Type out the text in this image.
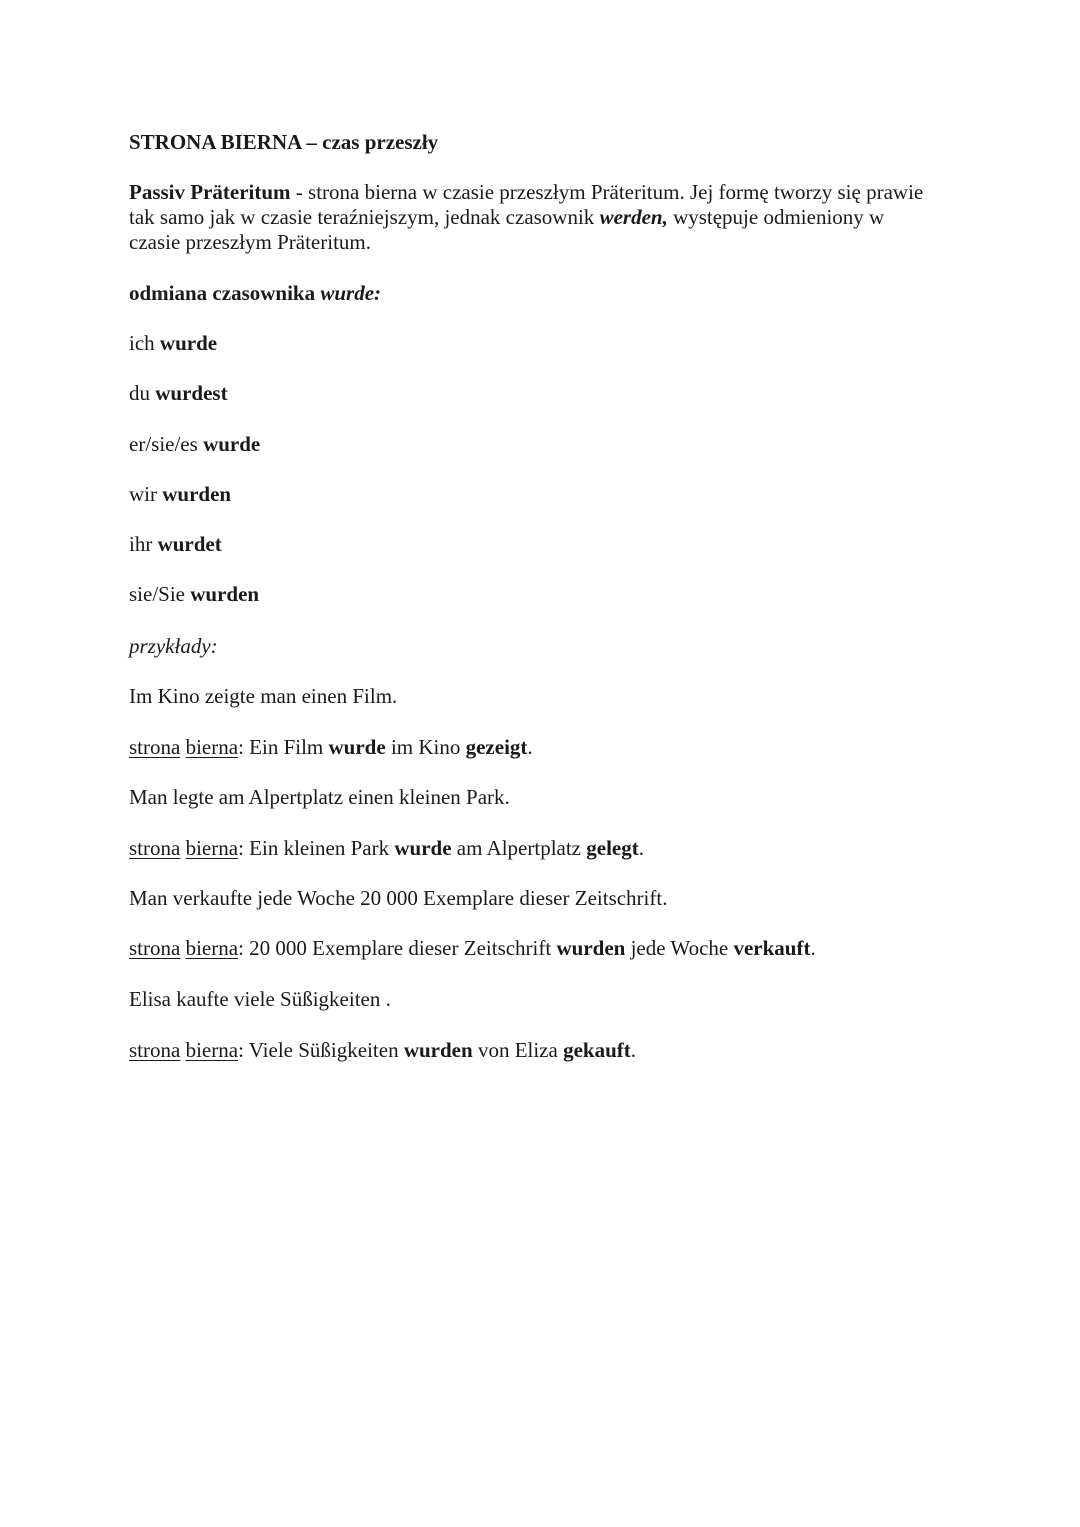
STRONA BIERNA – czas przeszły
Passiv Präteritum - strona bierna w czasie przeszłym Präteritum. Jej formę tworzy się prawie tak samo jak w czasie teraźniejszym, jednak czasownik werden, występuje odmieniony w czasie przeszłym Präteritum.
odmiana czasownika wurde:
ich wurde
du wurdest
er/sie/es wurde
wir wurden
ihr wurdet
sie/Sie wurden
przykłady:
Im Kino zeigte man einen Film.
strona bierna: Ein Film wurde im Kino gezeigt.
Man legte am Alpertplatz einen kleinen Park.
strona bierna: Ein kleinen Park wurde am Alpertplatz gelegt.
Man verkaufte jede Woche 20 000 Exemplare dieser Zeitschrift.
strona bierna: 20 000 Exemplare dieser Zeitschrift wurden jede Woche verkauft.
Elisa kaufte viele Süßigkeiten .
strona bierna: Viele Süßigkeiten wurden von Eliza gekauft.
